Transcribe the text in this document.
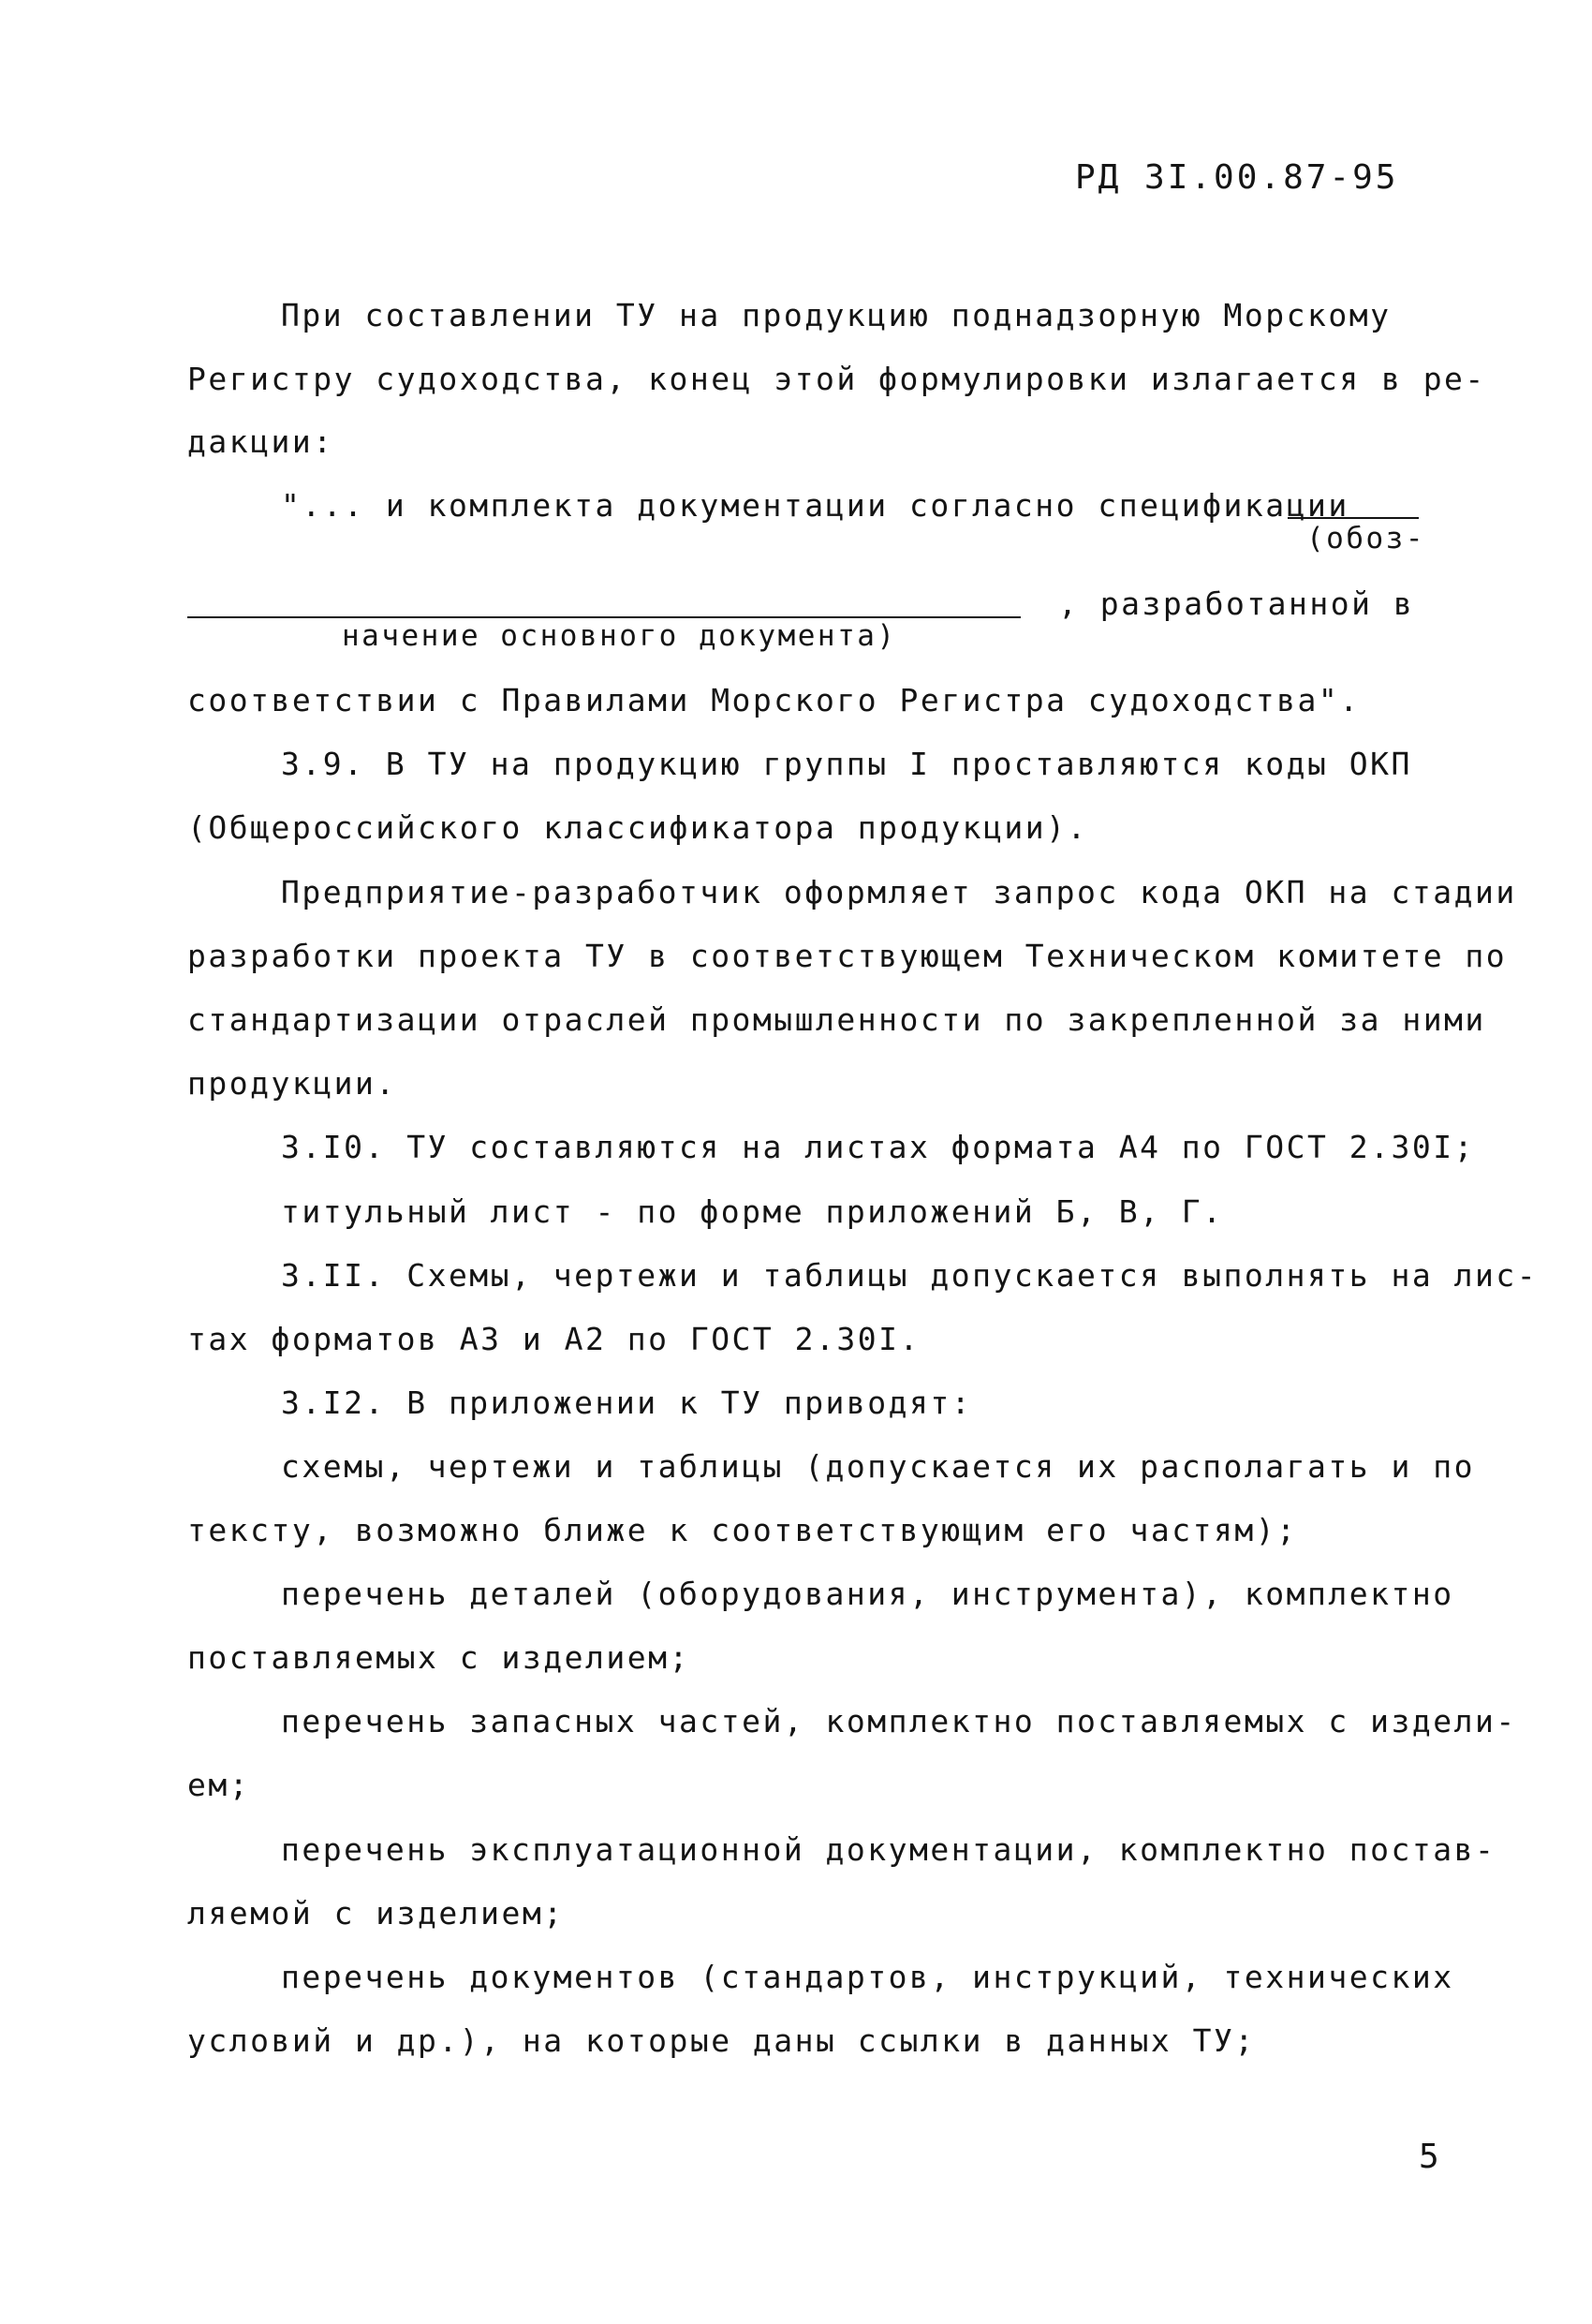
РД 3I.00.87-95
При составлении ТУ на продукцию поднадзорную Морскому
Регистру судоходства, конец этой формулировки излагается в ре-
дакции:
"... и комплекта документации согласно спецификации
(обоз-
, разработанной в
начение основного документа)
соответствии с Правилами Морского Регистра судоходства".
3.9. В ТУ на продукцию группы I проставляются коды ОКП
(Общероссийского классификатора продукции).
Предприятие-разработчик оформляет запрос кода ОКП на стадии
разработки проекта ТУ в соответствующем Техническом комитете по
стандартизации отраслей промышленности по закрепленной за ними
продукции.
3.I0. ТУ составляются на листах формата А4 по ГОСТ 2.30I;
титульный лист - по форме приложений Б, В, Г.
3.II. Схемы, чертежи и таблицы допускается выполнять на лис-
тах форматов А3 и А2 по ГОСТ 2.30I.
3.I2. В приложении к ТУ приводят:
схемы, чертежи и таблицы (допускается их располагать и по
тексту, возможно ближе к соответствующим его частям);
перечень деталей (оборудования, инструмента), комплектно
поставляемых с изделием;
перечень запасных частей, комплектно поставляемых с издели-
ем;
перечень эксплуатационной документации, комплектно постав-
ляемой с изделием;
перечень документов (стандартов, инструкций, технических
условий и др.), на которые даны ссылки в данных ТУ;
5
